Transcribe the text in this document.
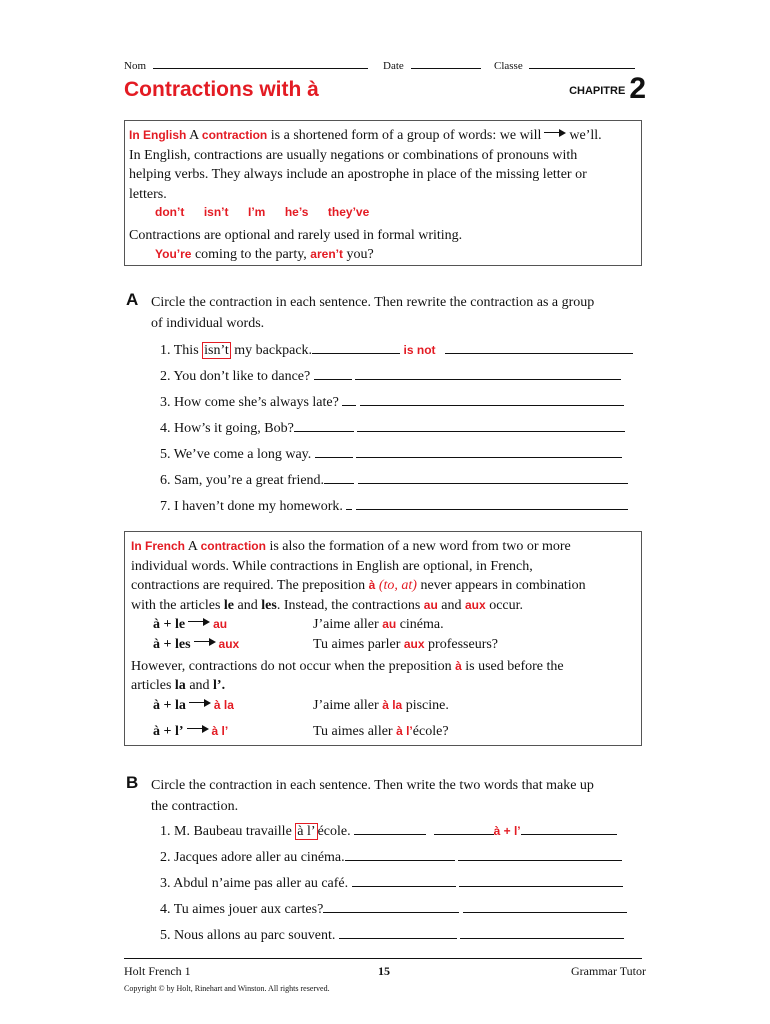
Nom	Date	Classe
Contractions with à	$^{CHAPITRE}$ 2
In English A contraction is a shortened form of a group of words: we will we’ll.
In English, contractions are usually negations or combinations of pronouns with
helping verbs. They always include an apostrophe in place of the missing letter or
letters.
don’t isn’t I’m he’s they’ve
Contractions are optional and rarely used in formal writing.
You’re coming to the party, aren’t you?
A Circle the contraction in each sentence. Then rewrite the contraction as a group
of individual words.
1. This isn’t my backpack.	is not
2. You don’t like to dance?
3. How come she’s always late?
4. How’s it going, Bob?
5. We’ve come a long way.
6. Sam, you’re a great friend.
7. I haven’t done my homework.
In French A contraction is also the formation of a new word from two or more
individual words. While contractions in English are optional, in French,
contractions are required. The preposition à (to, at) never appears in combination
with the articles le and les. Instead, the contractions au and aux occur.
à + le au	J’aime aller au cinéma.
à + les aux	Tu aimes parler aux professeurs?
However, contractions do not occur when the preposition à is used before the
articles la and l’.
à + la à la	J’aime aller à la piscine.
à + l’ à l’	Tu aimes aller à l’école?
B Circle the contraction in each sentence. Then write the two words that make up
the contraction.
1. M. Baubeau travaille à l’ école.	à + l’
2. Jacques adore aller au cinéma.
3. Abdul n’aime pas aller au café.
4. Tu aimes jouer aux cartes?
5. Nous allons au parc souvent.
Holt French 1	15	Grammar Tutor
Copyright © by Holt, Rinehart and Winston. All rights reserved.
